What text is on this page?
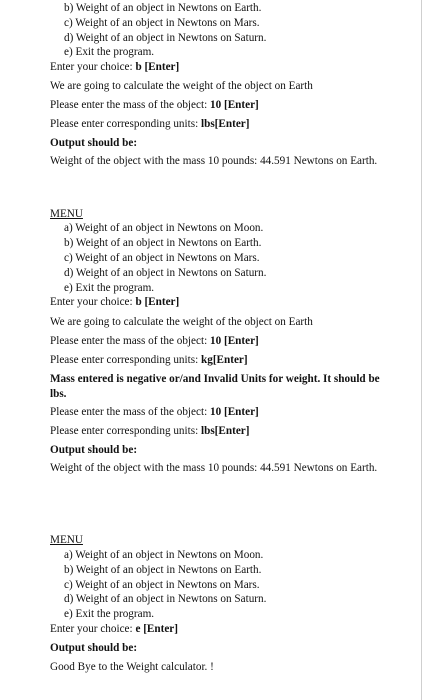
b) Weight of an object in Newtons on Earth.
c) Weight of an object in Newtons on Mars.
d) Weight of an object in Newtons on Saturn.
e) Exit the program.
Enter your choice: b [Enter]
We are going to calculate the weight of the object on Earth
Please enter the mass of the object: 10 [Enter]
Please enter corresponding units: lbs[Enter]
Output should be:
Weight of the object with the mass 10 pounds: 44.591 Newtons on Earth.
MENU
a) Weight of an object in Newtons on Moon.
b) Weight of an object in Newtons on Earth.
c) Weight of an object in Newtons on Mars.
d) Weight of an object in Newtons on Saturn.
e) Exit the program.
Enter your choice: b [Enter]
We are going to calculate the weight of the object on Earth
Please enter the mass of the object: 10 [Enter]
Please enter corresponding units: kg[Enter]
Mass entered is negative or/and Invalid Units for weight. It should be lbs.
Please enter the mass of the object: 10 [Enter]
Please enter corresponding units: lbs[Enter]
Output should be:
Weight of the object with the mass 10 pounds: 44.591 Newtons on Earth.
MENU
a) Weight of an object in Newtons on Moon.
b) Weight of an object in Newtons on Earth.
c) Weight of an object in Newtons on Mars.
d) Weight of an object in Newtons on Saturn.
e) Exit the program.
Enter your choice: e [Enter]
Output should be:
Good Bye to the Weight calculator. !
